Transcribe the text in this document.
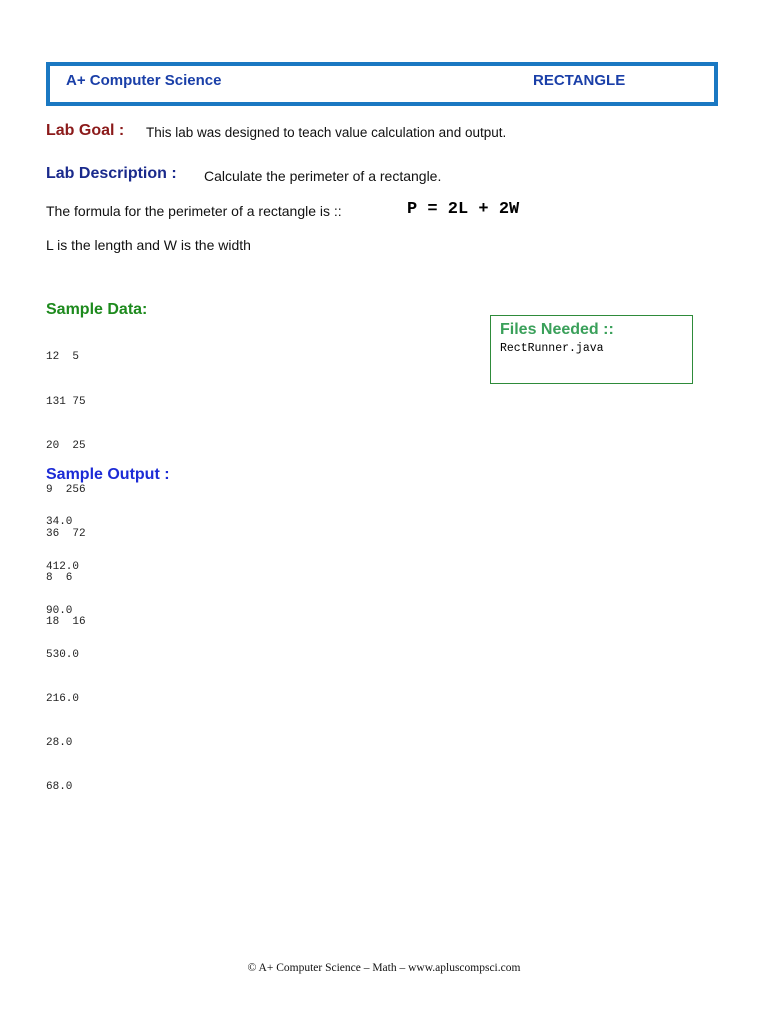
A+ Computer Science	RECTANGLE
Lab Goal : This lab was designed to teach value calculation and output.
Lab Description : Calculate the perimeter of a rectangle.
The formula for the perimeter of a rectangle is ::	P = 2L + 2W
L is the length and W is the width
Sample Data:

12  5

131 75

20  25

9  256

36  72

8  6

18  16

Files Needed ::
RectRunner.java
Sample Output :

34.0

412.0

90.0

530.0

216.0

28.0

68.0

© A+ Computer Science – Math – www.apluscompsci.com
